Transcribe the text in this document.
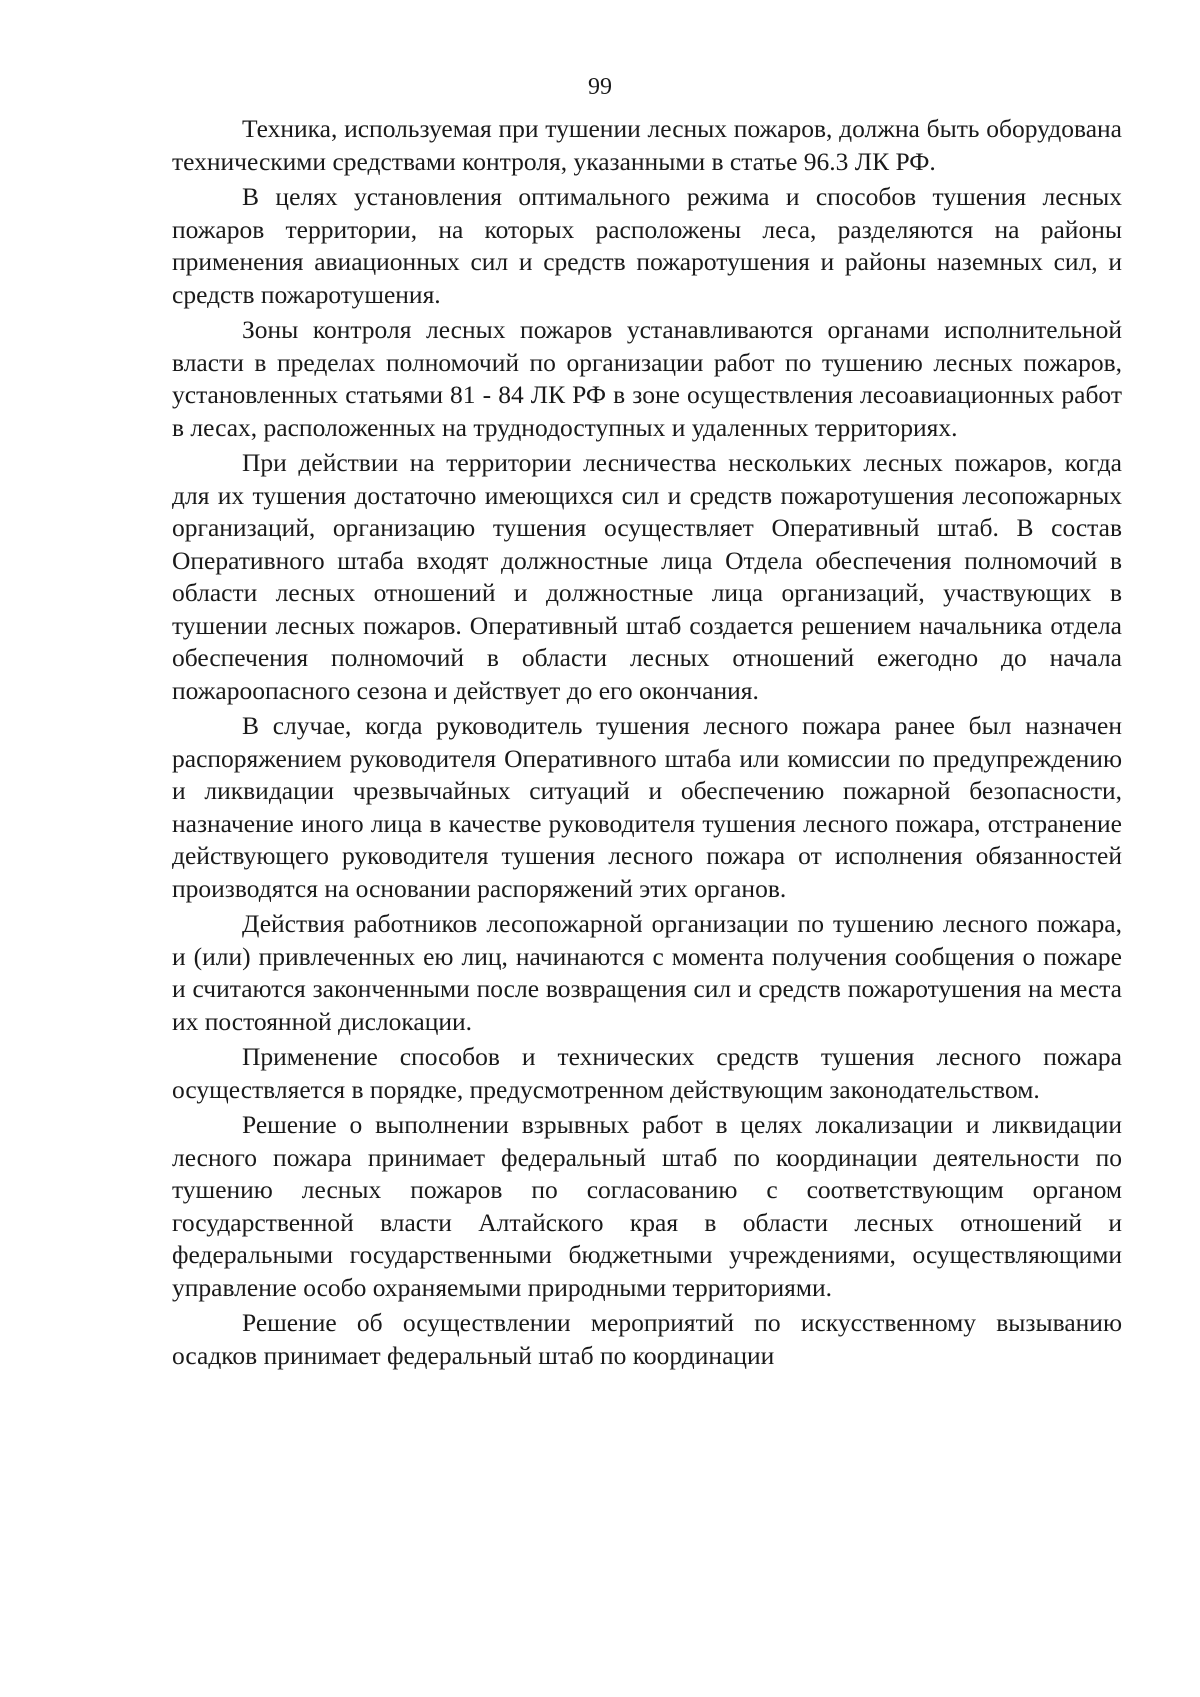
99

Техника, используемая при тушении лесных пожаров, должна быть оборудована техническими средствами контроля, указанными в статье 96.3 ЛК РФ.

В целях установления оптимального режима и способов тушения лесных пожаров территории, на которых расположены леса, разделяются на районы применения авиационных сил и средств пожаротушения и районы наземных сил, и средств пожаротушения.

Зоны контроля лесных пожаров устанавливаются органами исполнительной власти в пределах полномочий по организации работ по тушению лесных пожаров, установленных статьями 81 - 84 ЛК РФ в зоне осуществления лесоавиационных работ в лесах, расположенных на труднодоступных и удаленных территориях.

При действии на территории лесничества нескольких лесных пожаров, когда для их тушения достаточно имеющихся сил и средств пожаротушения лесопожарных организаций, организацию тушения осуществляет Оперативный штаб. В состав Оперативного штаба входят должностные лица Отдела обеспечения полномочий в области лесных отношений и должностные лица организаций, участвующих в тушении лесных пожаров. Оперативный штаб создается решением начальника отдела обеспечения полномочий в области лесных отношений ежегодно до начала пожароопасного сезона и действует до его окончания.

В случае, когда руководитель тушения лесного пожара ранее был назначен распоряжением руководителя Оперативного штаба или комиссии по предупреждению и ликвидации чрезвычайных ситуаций и обеспечению пожарной безопасности, назначение иного лица в качестве руководителя тушения лесного пожара, отстранение действующего руководителя тушения лесного пожара от исполнения обязанностей производятся на основании распоряжений этих органов.

Действия работников лесопожарной организации по тушению лесного пожара, и (или) привлеченных ею лиц, начинаются с момента получения сообщения о пожаре и считаются законченными после возвращения сил и средств пожаротушения на места их постоянной дислокации.

Применение способов и технических средств тушения лесного пожара осуществляется в порядке, предусмотренном действующим законодательством.

Решение о выполнении взрывных работ в целях локализации и ликвидации лесного пожара принимает федеральный штаб по координации деятельности по тушению лесных пожаров по согласованию с соответствующим органом государственной власти Алтайского края в области лесных отношений и федеральными государственными бюджетными учреждениями, осуществляющими управление особо охраняемыми природными территориями.

Решение об осуществлении мероприятий по искусственному вызыванию осадков принимает федеральный штаб по координации
